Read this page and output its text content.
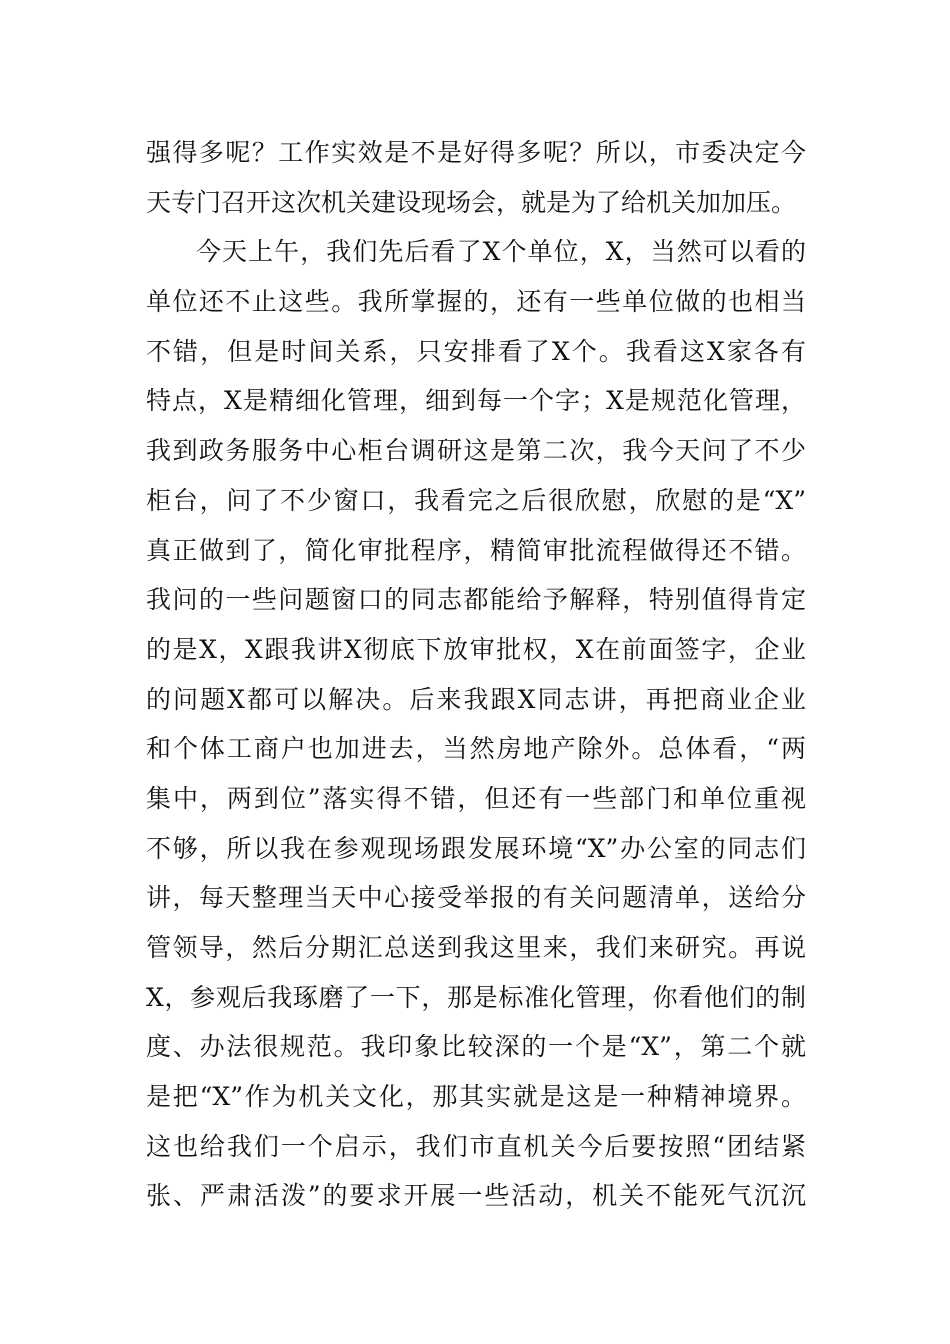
强得多呢？工作实效是不是好得多呢？所以，市委决定今
天专门召开这次机关建设现场会，就是为了给机关加加压。
今天上午，我们先后看了X个单位，X，当然可以看的
单位还不止这些。我所掌握的，还有一些单位做的也相当
不错，但是时间关系，只安排看了X个。我看这X家各有
特点，X是精细化管理，细到每一个字；X是规范化管理，
我到政务服务中心柜台调研这是第二次，我今天问了不少
柜台，问了不少窗口，我看完之后很欣慰，欣慰的是“X”
真正做到了，简化审批程序，精简审批流程做得还不错。
我问的一些问题窗口的同志都能给予解释，特别值得肯定
的是X，X跟我讲X彻底下放审批权，X在前面签字，企业
的问题X都可以解决。后来我跟X同志讲，再把商业企业
和个体工商户也加进去，当然房地产除外。总体看，“两
集中，两到位”落实得不错，但还有一些部门和单位重视
不够，所以我在参观现场跟发展环境“X”办公室的同志们
讲，每天整理当天中心接受举报的有关问题清单，送给分
管领导，然后分期汇总送到我这里来，我们来研究。再说
X，参观后我琢磨了一下，那是标准化管理，你看他们的制
度、办法很规范。我印象比较深的一个是“X”，第二个就
是把“X”作为机关文化，那其实就是这是一种精神境界。
这也给我们一个启示，我们市直机关今后要按照“团结紧
张、严肃活泼”的要求开展一些活动，机关不能死气沉沉
